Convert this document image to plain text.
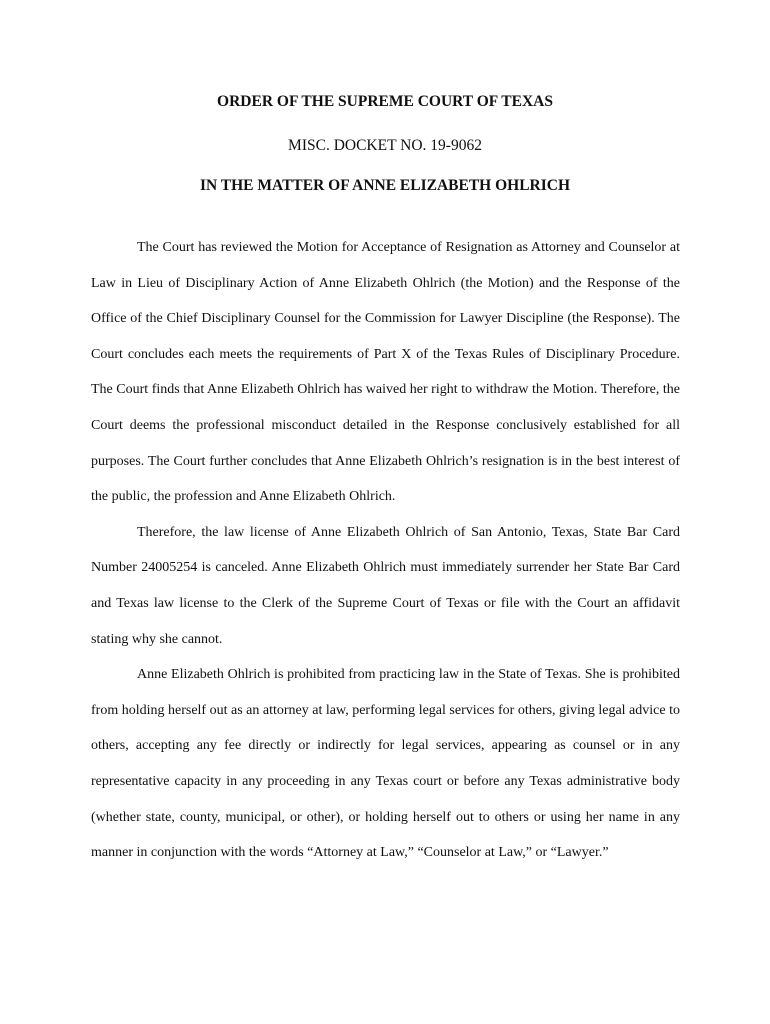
ORDER OF THE SUPREME COURT OF TEXAS
MISC. DOCKET NO. 19-9062
IN THE MATTER OF ANNE ELIZABETH OHLRICH

The Court has reviewed the Motion for Acceptance of Resignation as Attorney and Counselor at Law in Lieu of Disciplinary Action of Anne Elizabeth Ohlrich (the Motion) and the Response of the Office of the Chief Disciplinary Counsel for the Commission for Lawyer Discipline (the Response). The Court concludes each meets the requirements of Part X of the Texas Rules of Disciplinary Procedure. The Court finds that Anne Elizabeth Ohlrich has waived her right to withdraw the Motion. Therefore, the Court deems the professional misconduct detailed in the Response conclusively established for all purposes. The Court further concludes that Anne Elizabeth Ohlrich’s resignation is in the best interest of the public, the profession and Anne Elizabeth Ohlrich.

Therefore, the law license of Anne Elizabeth Ohlrich of San Antonio, Texas, State Bar Card Number 24005254 is canceled. Anne Elizabeth Ohlrich must immediately surrender her State Bar Card and Texas law license to the Clerk of the Supreme Court of Texas or file with the Court an affidavit stating why she cannot.

Anne Elizabeth Ohlrich is prohibited from practicing law in the State of Texas. She is prohibited from holding herself out as an attorney at law, performing legal services for others, giving legal advice to others, accepting any fee directly or indirectly for legal services, appearing as counsel or in any representative capacity in any proceeding in any Texas court or before any Texas administrative body (whether state, county, municipal, or other), or holding herself out to others or using her name in any manner in conjunction with the words “Attorney at Law,” “Counselor at Law,” or “Lawyer.”
